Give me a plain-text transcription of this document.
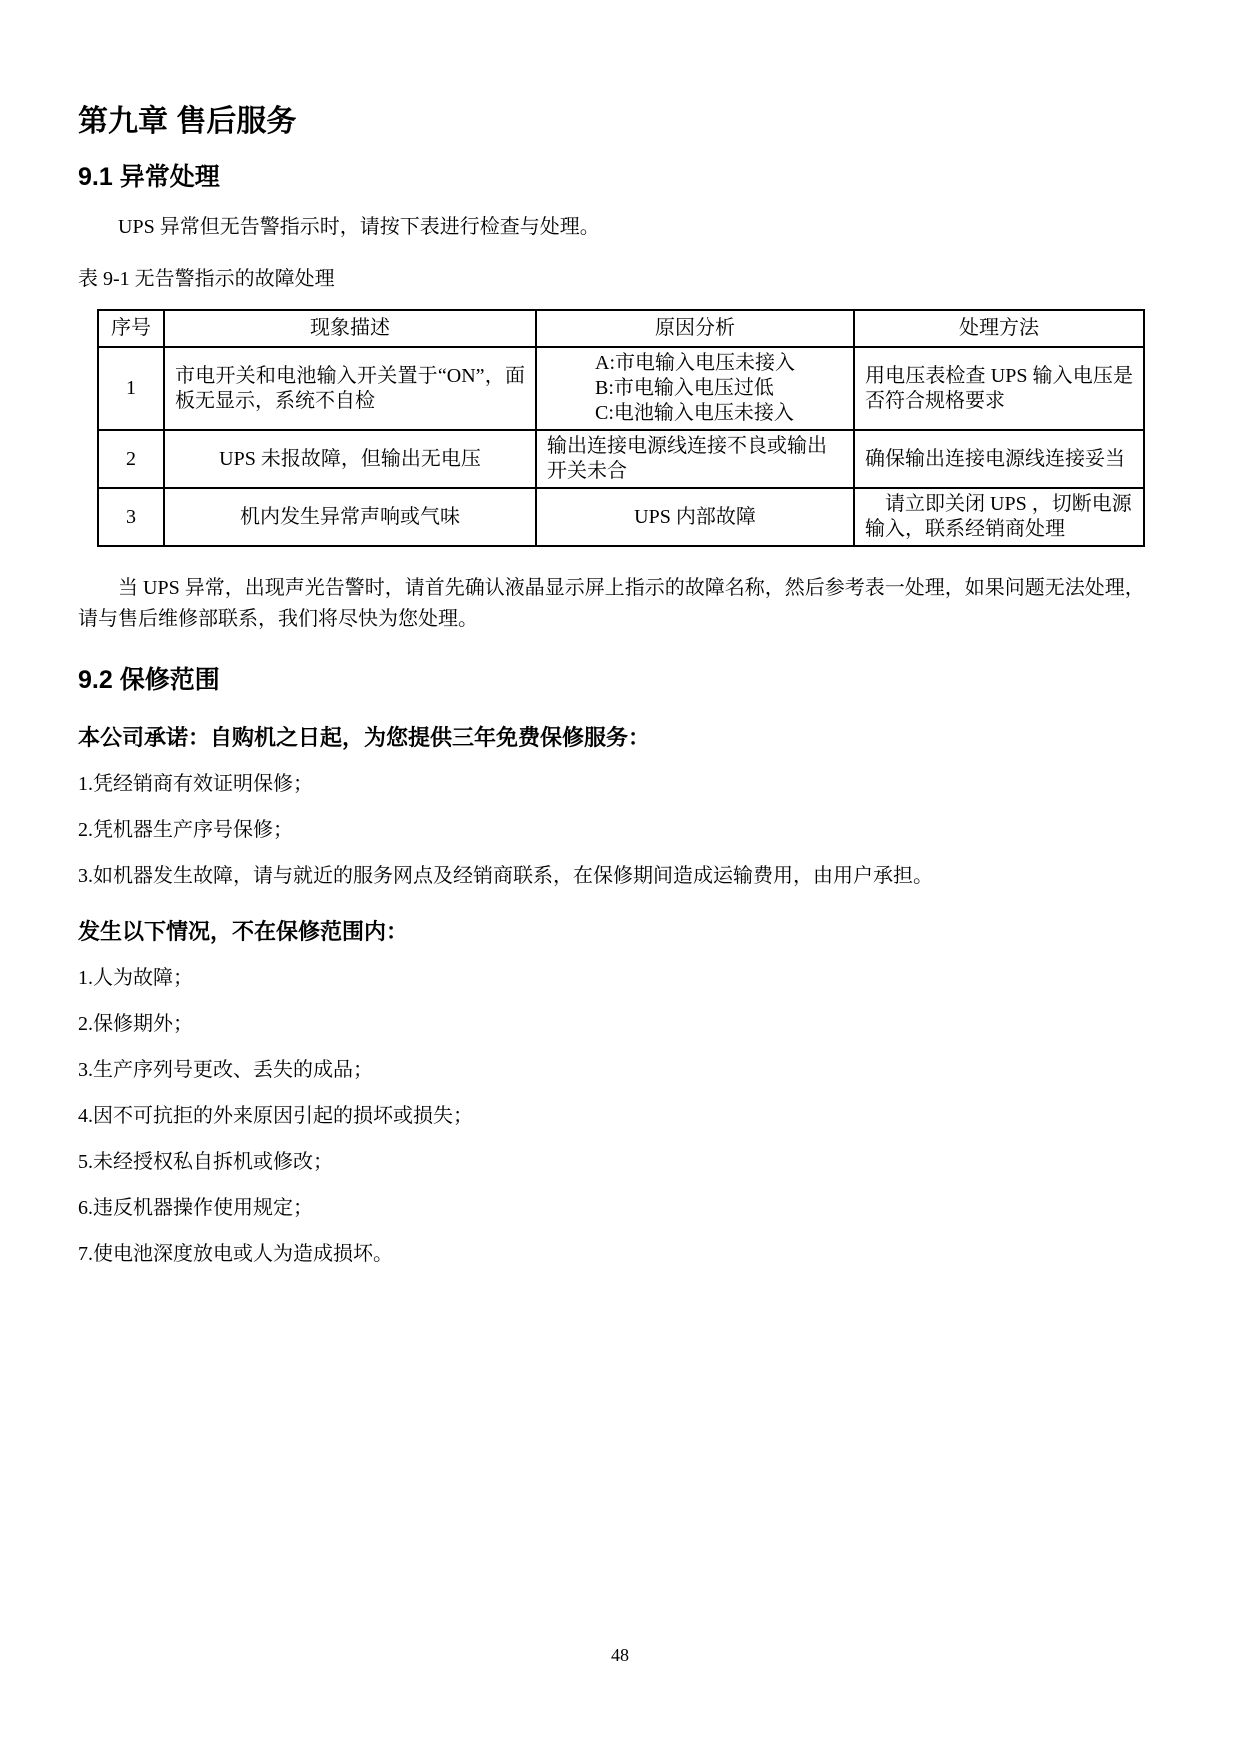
第九章 售后服务
9.1 异常处理

UPS 异常但无告警指示时，请按下表进行检查与处理。

表 9-1 无告警指示的故障处理

序号	现象描述	原因分析	处理方法
1	市电开关和电池输入开关置于“ON”，面板无显示，系统不自检	A:市电输入电压未接入
B:市电输入电压过低
C:电池输入电压未接入	用电压表检查 UPS 输入电压是否符合规格要求
2	UPS 未报故障，但输出无电压	输出连接电源线连接不良或输出开关未合	确保输出连接电源线连接妥当
3	机内发生异常声响或气味	UPS 内部故障	请立即关闭 UPS ，切断电源输入，联系经销商处理

当 UPS 异常，出现声光告警时，请首先确认液晶显示屏上指示的故障名称，然后参考表一处理，如果问题无法处理，请与售后维修部联系，我们将尽快为您处理。

9.2 保修范围

本公司承诺：自购机之日起，为您提供三年免费保修服务：

1.凭经销商有效证明保修；

2.凭机器生产序号保修；

3.如机器发生故障，请与就近的服务网点及经销商联系，在保修期间造成运输费用，由用户承担。

发生以下情况，不在保修范围内：

1.人为故障；

2.保修期外；

3.生产序列号更改、丢失的成品；

4.因不可抗拒的外来原因引起的损坏或损失；

5.未经授权私自拆机或修改；

6.违反机器操作使用规定；

7.使电池深度放电或人为造成损坏。

48
